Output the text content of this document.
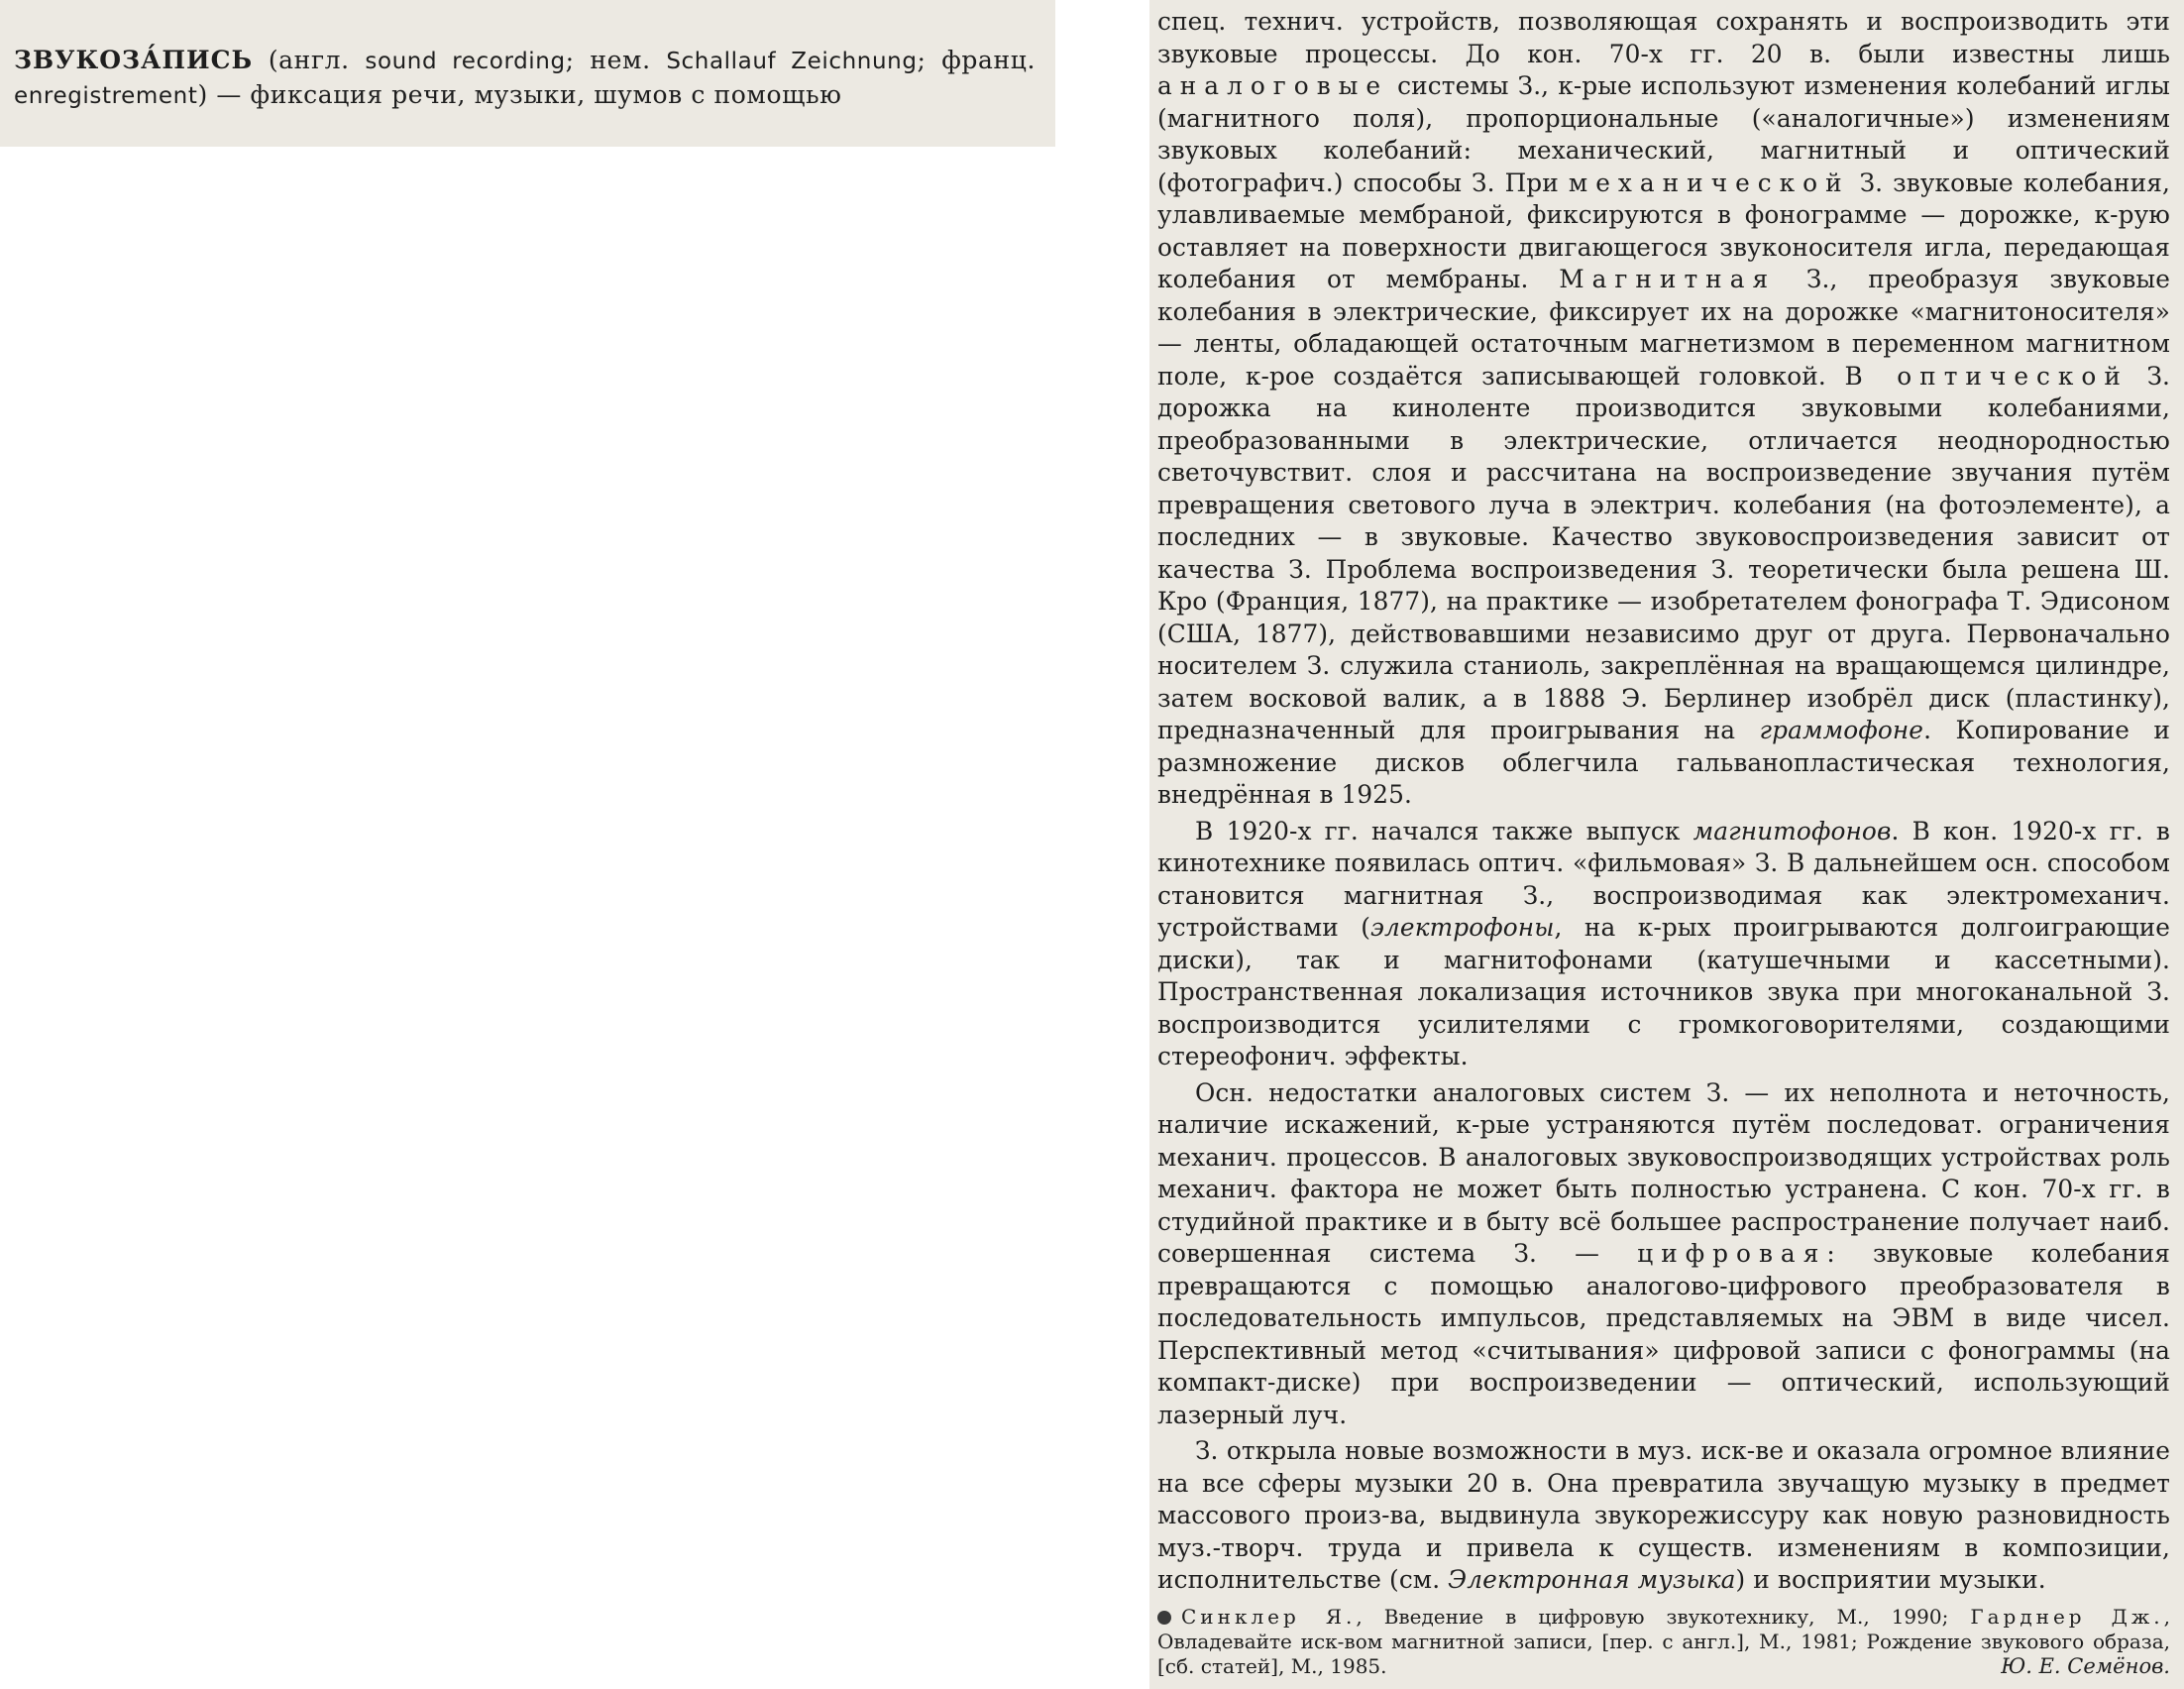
ЗВУКОЗА́ПИСЬ (англ. sound recording; нем. Schallauf Zeichnung; франц. enregistrement) — фиксация речи, музыки, шумов с помощью

спец. технич. устройств, позволяющая сохранять и воспроизводить эти звуковые процессы. До кон. 70-х гг. 20 в. были известны лишь аналоговые системы З., к-рые используют изменения колебаний иглы (магнитного поля), пропорциональные («аналогичные») изменениям звуковых колебаний: механический, магнитный и оптический (фотографич.) способы З. При механической З. звуковые колебания, улавливаемые мембраной, фиксируются в фонограмме — дорожке, к-рую оставляет на поверхности двигающегося звуконосителя игла, передающая колебания от мембраны. Магнитная З., преобразуя звуковые колебания в электрические, фиксирует их на дорожке «магнитоносителя» — ленты, обладающей остаточным магнетизмом в переменном магнитном поле, к-рое создаётся записывающей головкой. В оптической З. дорожка на киноленте производится звуковыми колебаниями, преобразованными в электрические, отличается неоднородностью светочувствит. слоя и рассчитана на воспроизведение звучания путём превращения светового луча в электрич. колебания (на фотоэлементе), а последних — в звуковые. Качество звуковоспроизведения зависит от качества З. Проблема воспроизведения З. теоретически была решена Ш. Кро (Франция, 1877), на практике — изобретателем фонографа Т. Эдисоном (США, 1877), действовавшими независимо друг от друга. Первоначально носителем З. служила станиоль, закреплённая на вращающемся цилиндре, затем восковой валик, а в 1888 Э. Берлинер изобрёл диск (пластинку), предназначенный для проигрывания на граммофоне. Копирование и размножение дисков облегчила гальванопластическая технология, внедрённая в 1925.

В 1920-х гг. начался также выпуск магнитофонов. В кон. 1920-х гг. в кинотехнике появилась оптич. «фильмовая» З. В дальнейшем осн. способом становится магнитная З., воспроизводимая как электромеханич. устройствами (электрофоны, на к-рых проигрываются долгоиграющие диски), так и магнитофонами (катушечными и кассетными). Пространственная локализация источников звука при многоканальной З. воспроизводится усилителями с громкоговорителями, создающими стереофонич. эффекты.

Осн. недостатки аналоговых систем З. — их неполнота и неточность, наличие искажений, к-рые устраняются путём последоват. ограничения механич. процессов. В аналоговых звуковоспроизводящих устройствах роль механич. фактора не может быть полностью устранена. С кон. 70-х гг. в студийной практике и в быту всё большее распространение получает наиб. совершенная система З. — цифровая: звуковые колебания превращаются с помощью аналогово-цифрового преобразователя в последовательность импульсов, представляемых на ЭВМ в виде чисел. Перспективный метод «считывания» цифровой записи с фонограммы (на компакт-диске) при воспроизведении — оптический, использующий лазерный луч.

З. открыла новые возможности в муз. иск-ве и оказала огромное влияние на все сферы музыки 20 в. Она превратила звучащую музыку в предмет массового произ-ва, выдвинула звукорежиссуру как новую разновидность муз.-творч. труда и привела к существ. изменениям в композиции, исполнительстве (см. Электронная музыка) и восприятии музыки.

Синклер Я., Введение в цифровую звукотехнику, М., 1990; Гарднер Дж., Овладевайте иск-вом магнитной записи, [пер. с англ.], М., 1981; Рождение звукового образа, [сб. статей], М., 1985.	Ю. Е. Семёнов.
